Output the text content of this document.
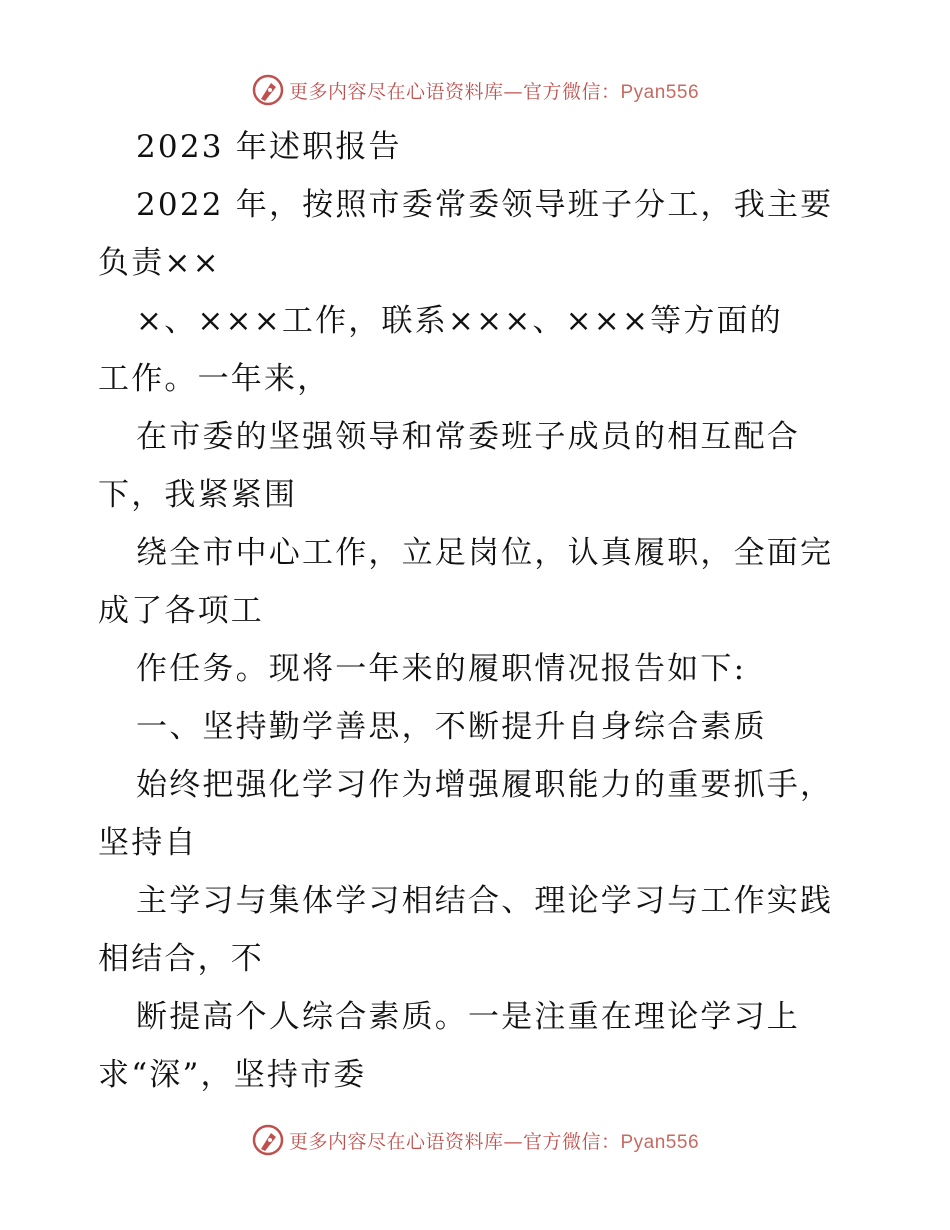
更多内容尽在心语资料库—官方微信：Pyan556
2023 年述职报告
2022 年，按照市委常委领导班子分工，我主要
负责××
×、×××工作，联系×××、×××等方面的
工作。一年来，
在市委的坚强领导和常委班子成员的相互配合
下，我紧紧围
绕全市中心工作，立足岗位，认真履职，全面完
成了各项工
作任务。现将一年来的履职情况报告如下:
一、坚持勤学善思，不断提升自身综合素质
始终把强化学习作为增强履职能力的重要抓手，
坚持自
主学习与集体学习相结合、理论学习与工作实践
相结合，不
断提高个人综合素质。一是注重在理论学习上
求“深”，坚持市委
更多内容尽在心语资料库—官方微信：Pyan556
